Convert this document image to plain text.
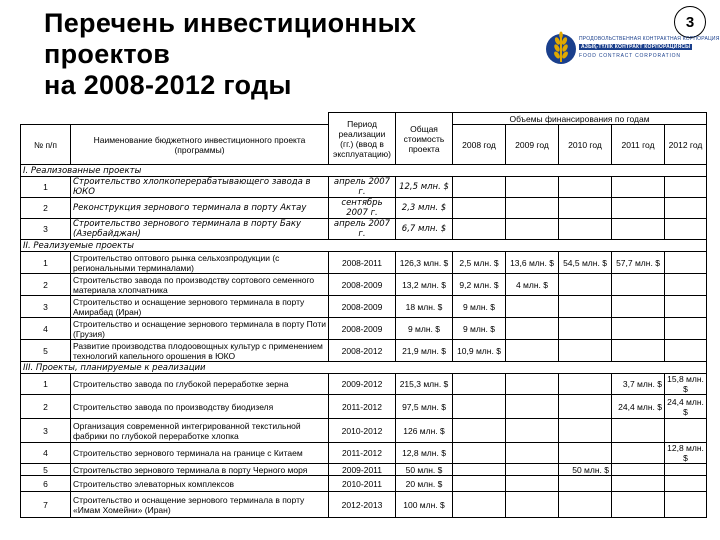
Перечень инвестиционных
проектов
на 2008-2012 годы
3
ПРОДОВОЛЬСТВЕННАЯ КОНТРАКТНАЯ КОРПОРАЦИЯ
АЗЫҚ-ТҮЛІК КОНТРАКТ КОРПОРАЦИЯСЫ
FOOD CONTRACT CORPORATION
		Период реализации (гг.) (ввод в эксплуатацию)	Общая стоимость проекта	Объемы финансирования по годам				
№ п/п	Наименование бюджетного инвестиционного проекта (программы)			2008 год	2009 год	2010 год	2011 год	2012 год
I. Реализованные проекты								
1	Строительство хлопкоперерабатывающего завода в ЮКО	апрель 2007 г.	12,5 млн. $					
2	Реконструкция зернового терминала в порту Актау	сентябрь 2007 г.	2,3 млн. $					
3	Строительство зернового терминала в порту Баку (Азербайджан)	апрель 2007 г.	6,7 млн. $					
II. Реализуемые проекты								
1	Строительство оптового рынка сельхозпродукции (с региональными терминалами)	2008-2011	126,3 млн. $	2,5 млн. $	13,6 млн. $	54,5 млн. $	57,7 млн. $	
2	Строительство завода по производству сортового семенного материала хлопчатника	2008-2009	13,2 млн. $	9,2 млн. $	4 млн. $			
3	Строительство и оснащение зернового терминала в порту Амирабад (Иран)	2008-2009	18 млн. $	9 млн. $				
4	Строительство и оснащение зернового терминала в порту Поти (Грузия)	2008-2009	9 млн. $	9 млн. $				
5	Развитие производства плодоовощных культур с применением технологий капельного орошения в ЮКО	2008-2012	21,9 млн. $	10,9 млн. $				
III. Проекты, планируемые к реализации								
1	Строительство завода по глубокой переработке зерна	2009-2012	215,3 млн. $				3,7 млн. $	15,8 млн. $
2	Строительство завода по производству биодизеля	2011-2012	97,5 млн. $				24,4 млн. $	24,4 млн. $
3	Организация современной интегрированной текстильной фабрики по глубокой переработке хлопка	2010-2012	126 млн. $					
4	Строительство зернового терминала на границе с Китаем	2011-2012	12,8 млн. $					12,8 млн. $
5	Строительство зернового терминала в порту Черного моря	2009-2011	50 млн. $			50 млн. $		
6	Строительство элеваторных комплексов	2010-2011	20 млн. $					
7	Строительство и оснащение зернового терминала в порту «Имам Хомейни» (Иран)	2012-2013	100 млн. $					
